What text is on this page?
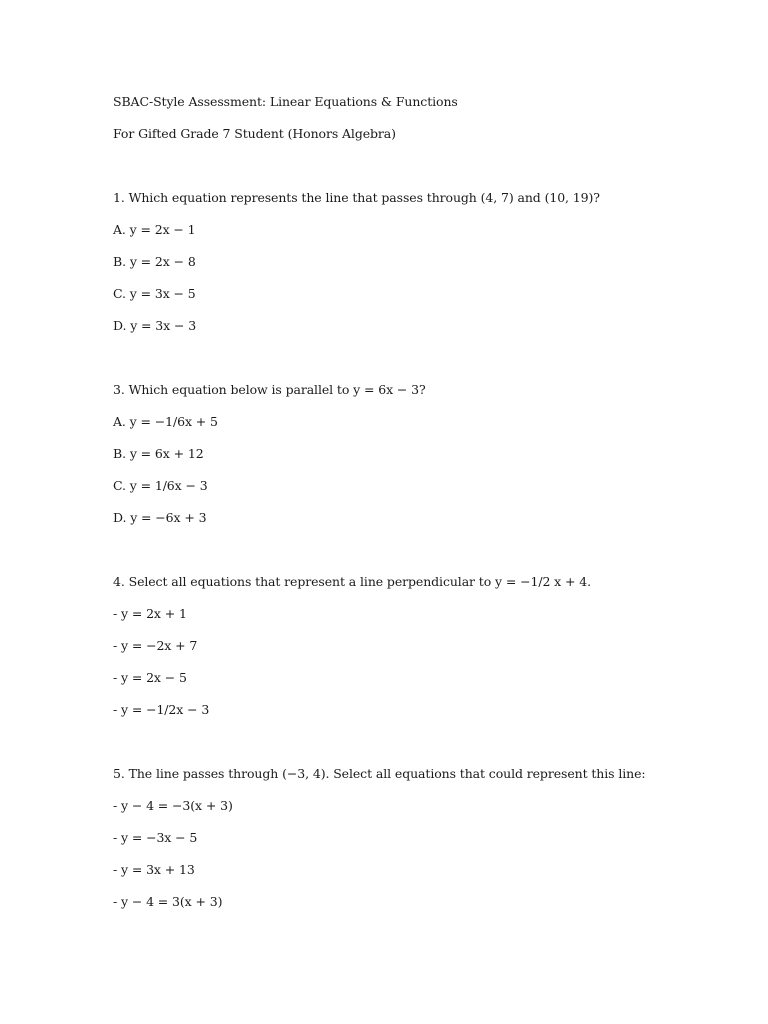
SBAC-Style Assessment: Linear Equations & Functions
For Gifted Grade 7 Student (Honors Algebra)
1. Which equation represents the line that passes through (4, 7) and (10, 19)?
A. y = 2x − 1
B. y = 2x − 8
C. y = 3x − 5
D. y = 3x − 3
3. Which equation below is parallel to y = 6x − 3?
A. y = −1/6x + 5
B. y = 6x + 12
C. y = 1/6x − 3
D. y = −6x + 3
4. Select all equations that represent a line perpendicular to y = −1/2 x + 4.
- y = 2x + 1
- y = −2x + 7
- y = 2x − 5
- y = −1/2x − 3
5. The line passes through (−3, 4). Select all equations that could represent this line:
- y − 4 = −3(x + 3)
- y = −3x − 5
- y = 3x + 13
- y − 4 = 3(x + 3)
